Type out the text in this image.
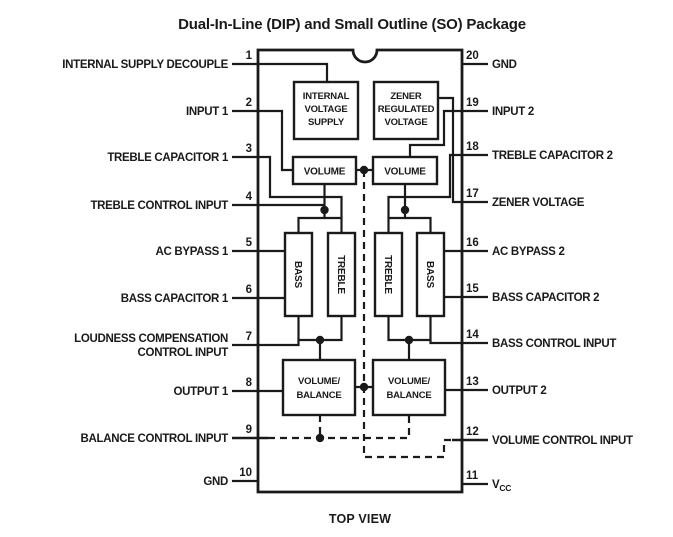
Dual-In-Line (DIP) and Small Outline (SO) Package
INTERNAL
VOLTAGE
SUPPLY
ZENER
REGULATED
VOLTAGE
VOLUME	VOLUME
BASS	TREBLE	TREBLE	BASS
VOLUME/
BALANCE
VOLUME/
BALANCE
1
2
3
4
5
6
7
8
9
10
INTERNAL SUPPLY DECOUPLE
INPUT 1
TREBLE CAPACITOR 1
TREBLE CONTROL INPUT
AC BYPASS 1
BASS CAPACITOR 1
LOUDNESS COMPENSATION
CONTROL INPUT
OUTPUT 1
BALANCE CONTROL INPUT
GND
20
19
18
17
16
15
14
13
12
11
GND
INPUT 2
TREBLE CAPACITOR 2
ZENER VOLTAGE
AC BYPASS 2
BASS CAPACITOR 2
BASS CONTROL INPUT
OUTPUT 2
VOLUME CONTROL INPUT
$V_{CC}$
TOP VIEW
